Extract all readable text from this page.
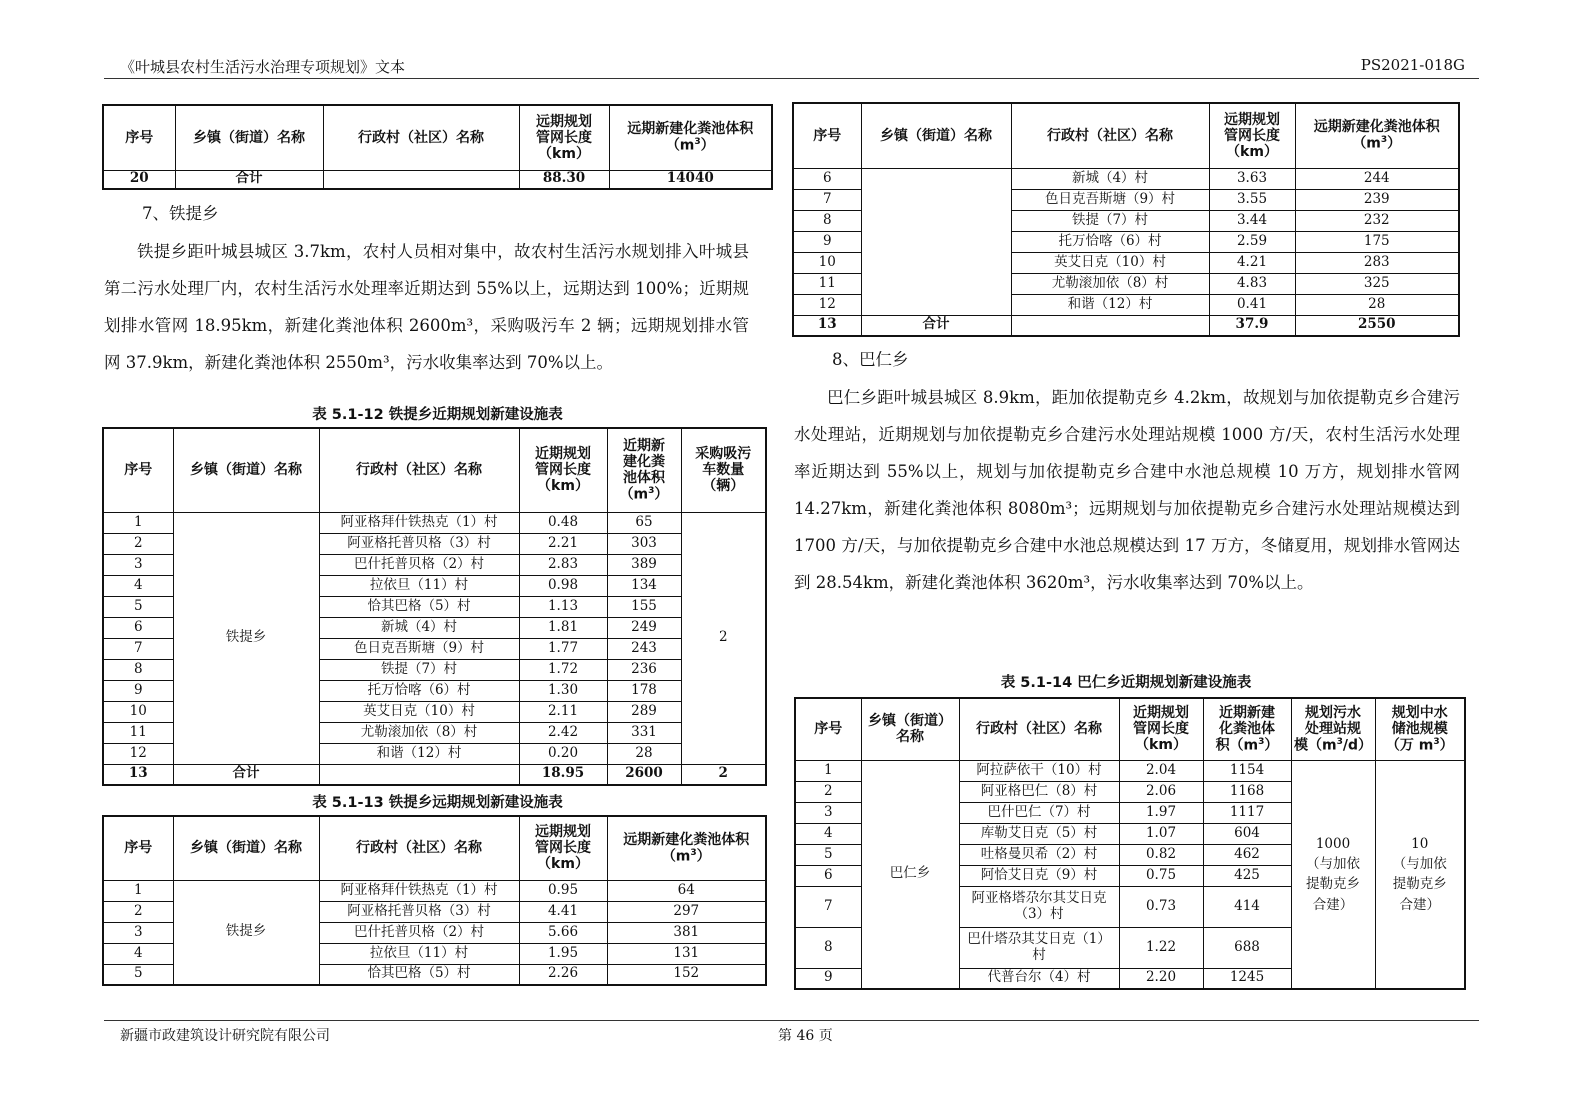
《叶城县农村生活污水治理专项规划》文本	PS2021-018G
序号	乡镇（街道）名称	行政村（社区）名称	远期规划
管网长度
（km）	远期新建化粪池体积
$(m^3)$
20	合计		88.30	14040
7、铁提乡
铁提乡距叶城县城区 3.7km，农村人员相对集中，故农村生活污水规划排入叶城县第二污水处理厂内，农村生活污水处理率近期达到 55%以上，远期达到 100%；近期规划排水管网 18.95km，新建化粪池体积 2600m³，采购吸污车 2 辆；远期规划排水管网 37.9km，新建化粪池体积 2550m³，污水收集率达到 70%以上。
表 5.1-12 铁提乡近期规划新建设施表
序号	乡镇（街道）名称	行政村（社区）名称	近期规划
管网长度
（km）	近期新
建化粪
池体积
$(m^3)$	采购吸污
车数量
（辆）
1	铁提乡	阿亚格拜什铁热克（1）村	0.48	65	2
2		阿亚格托普贝格（3）村	2.21	303	
3		巴什托普贝格（2）村	2.83	389	
4		拉依旦（11）村	0.98	134	
5		恰其巴格（5）村	1.13	155	
6		新城（4）村	1.81	249	
7		色日克吾斯塘（9）村	1.77	243	
8		铁提（7）村	1.72	236	
9		托万恰喀（6）村	1.30	178	
10		英艾日克（10）村	2.11	289	
11		尤勒滚加依（8）村	2.42	331	
12		和谐（12）村	0.20	28	
13	合计		18.95	2600	2
表 5.1-13 铁提乡远期规划新建设施表
序号	乡镇（街道）名称	行政村（社区）名称	远期规划
管网长度
（km）	远期新建化粪池体积
$(m^3)$
1	铁提乡	阿亚格拜什铁热克（1）村	0.95	64
2		阿亚格托普贝格（3）村	4.41	297
3		巴什托普贝格（2）村	5.66	381
4		拉依旦（11）村	1.95	131
5		恰其巴格（5）村	2.26	152
序号	乡镇（街道）名称	行政村（社区）名称	远期规划
管网长度
（km）	远期新建化粪池体积
$(m^3)$
6		新城（4）村	3.63	244
7		色日克吾斯塘（9）村	3.55	239
8		铁提（7）村	3.44	232
9		托万恰喀（6）村	2.59	175
10		英艾日克（10）村	4.21	283
11		尤勒滚加依（8）村	4.83	325
12		和谐（12）村	0.41	28
13	合计		37.9	2550
8、巴仁乡
巴仁乡距叶城县城区 8.9km，距加依提勒克乡 4.2km，故规划与加依提勒克乡合建污水处理站，近期规划与加依提勒克乡合建污水处理站规模 1000 方/天，农村生活污水处理率近期达到 55%以上，规划与加依提勒克乡合建中水池总规模 10 万方，规划排水管网 14.27km，新建化粪池体积 8080m³；远期规划与加依提勒克乡合建污水处理站规模达到 1700 方/天，与加依提勒克乡合建中水池总规模达到 17 万方，冬储夏用，规划排水管网达到 28.54km，新建化粪池体积 3620m³，污水收集率达到 70%以上。
表 5.1-14 巴仁乡近期规划新建设施表
序号	乡镇（街道）
名称	行政村（社区）名称	近期规划
管网长度
（km）	近期新建
化粪池体
积$(m^3)$	规划污水
处理站规
模$(m^3/d)$	规划中水
储池规模
（万 $m^3$）
1	巴仁乡	阿拉萨依干（10）村	2.04	1154	1000
（与加依
提勒克乡
合建）	10
（与加依
提勒克乡
合建）
2		阿亚格巴仁（8）村	2.06	1168		
3		巴什巴仁（7）村	1.97	1117		
4		库勒艾日克（5）村	1.07	604		
5		吐格曼贝希（2）村	0.82	462		
6		阿恰艾日克（9）村	0.75	425		
7		阿亚格塔尕尔其艾日克（3）村	0.73	414		
8		巴什塔尕其艾日克（1）村	1.22	688		
9		代普台尔（4）村	2.20	1245		
新疆市政建筑设计研究院有限公司	第 46 页
